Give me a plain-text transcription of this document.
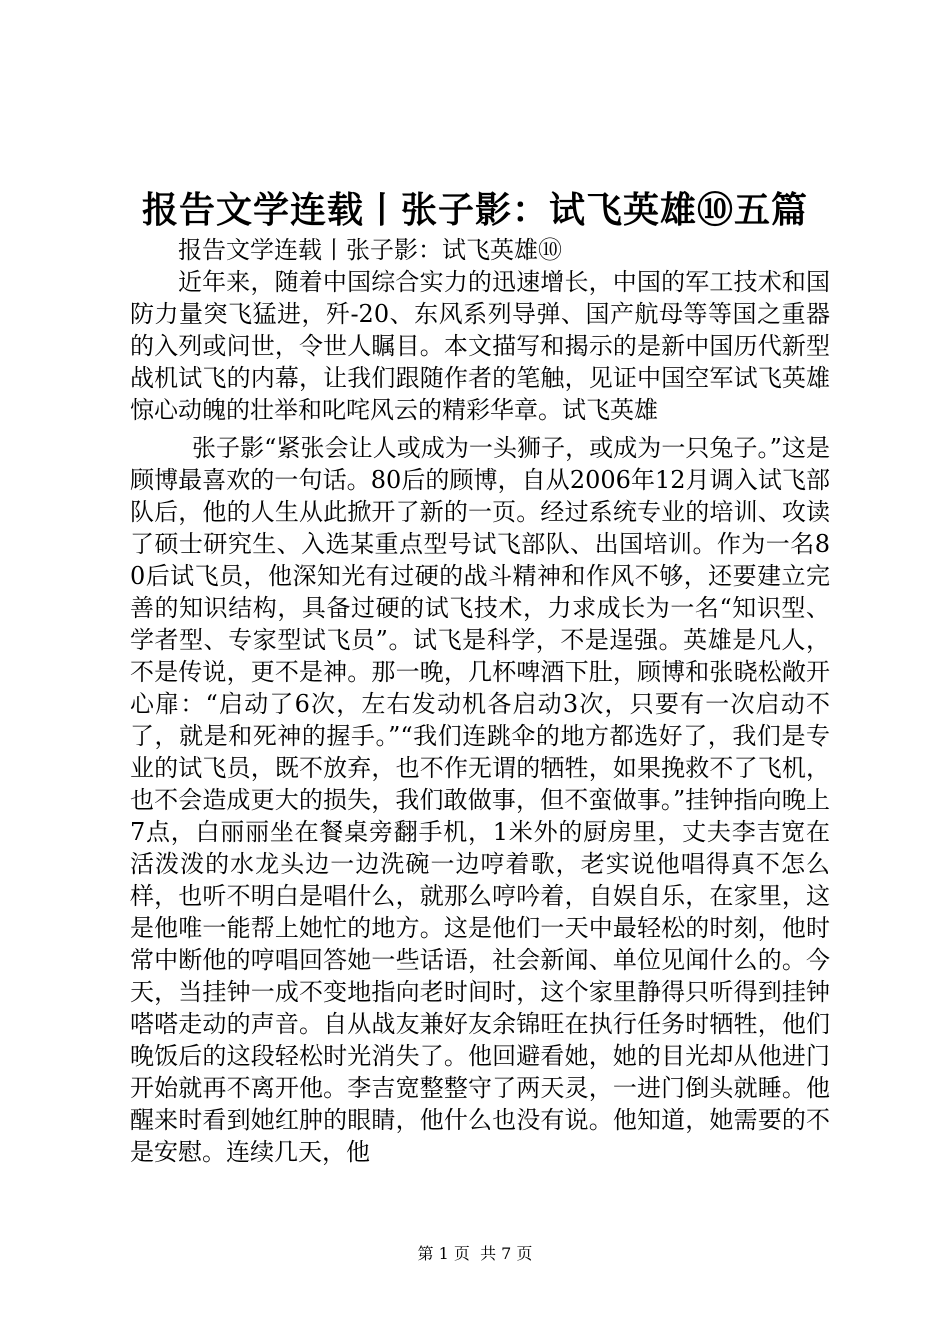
报告文学连载丨张子影：试飞英雄⑩五篇

报告文学连载丨张子影：试飞英雄⑩

近年来，随着中国综合实力的迅速增长，中国的军工技术和国防力量突飞猛进，歼-20、东风系列导弹、国产航母等等国之重器的入列或问世，令世人瞩目。本文描写和揭示的是新中国历代新型战机试飞的内幕，让我们跟随作者的笔触，见证中国空军试飞英雄惊心动魄的壮举和叱咤风云的精彩华章。试飞英雄

张子影“紧张会让人或成为一头狮子，或成为一只兔子。”这是顾博最喜欢的一句话。80后的顾博，自从2006年12月调入试飞部队后，他的人生从此掀开了新的一页。经过系统专业的培训、攻读了硕士研究生、入选某重点型号试飞部队、出国培训。作为一名80后试飞员，他深知光有过硬的战斗精神和作风不够，还要建立完善的知识结构，具备过硬的试飞技术，力求成长为一名“知识型、学者型、专家型试飞员”。试飞是科学，不是逞强。英雄是凡人，不是传说，更不是神。那一晚，几杯啤酒下肚，顾博和张晓松敞开心扉：“启动了6次，左右发动机各启动3次，只要有一次启动不了，就是和死神的握手。”“我们连跳伞的地方都选好了，我们是专业的试飞员，既不放弃，也不作无谓的牺牲，如果挽救不了飞机，也不会造成更大的损失，我们敢做事，但不蛮做事。”挂钟指向晚上7点，白丽丽坐在餐桌旁翻手机，1米外的厨房里，丈夫李吉宽在活泼泼的水龙头边一边洗碗一边哼着歌，老实说他唱得真不怎么样，也听不明白是唱什么，就那么哼吟着，自娱自乐，在家里，这是他唯一能帮上她忙的地方。这是他们一天中最轻松的时刻，他时常中断他的哼唱回答她一些话语，社会新闻、单位见闻什么的。今天，当挂钟一成不变地指向老时间时，这个家里静得只听得到挂钟嗒嗒走动的声音。自从战友兼好友余锦旺在执行任务时牺牲，他们晚饭后的这段轻松时光消失了。他回避看她，她的目光却从他进门开始就再不离开他。李吉宽整整守了两天灵，一进门倒头就睡。他醒来时看到她红肿的眼睛，他什么也没有说。他知道，她需要的不是安慰。连续几天，他

第 1 页  共 7 页
